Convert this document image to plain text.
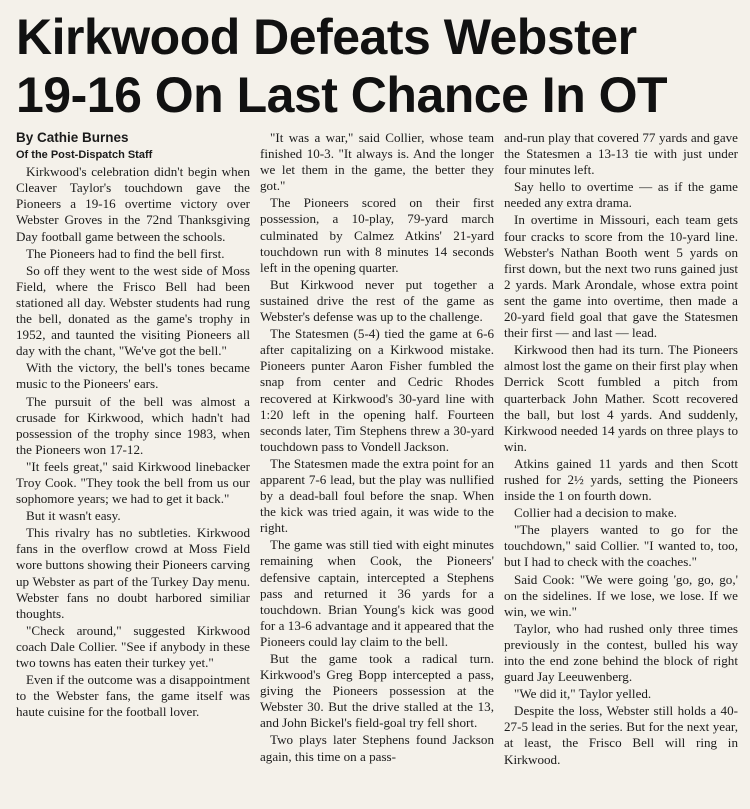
Kirkwood Defeats Webster
19-16 On Last Chance In OT
By Cathie Burnes
Of the Post-Dispatch Staff

Kirkwood's celebration didn't begin when Cleaver Taylor's touchdown gave the Pioneers a 19-16 overtime victory over Webster Groves in the 72nd Thanksgiving Day football game between the schools.

The Pioneers had to find the bell first.

So off they went to the west side of Moss Field, where the Frisco Bell had been stationed all day. Webster students had rung the bell, donated as the game's trophy in 1952, and taunted the visiting Pioneers all day with the chant, "We've got the bell."

With the victory, the bell's tones became music to the Pioneers' ears.

The pursuit of the bell was almost a crusade for Kirkwood, which hadn't had possession of the trophy since 1983, when the Pioneers won 17-12.

"It feels great," said Kirkwood linebacker Troy Cook. "They took the bell from us our sophomore years; we had to get it back."

But it wasn't easy.

This rivalry has no subtleties. Kirkwood fans in the overflow crowd at Moss Field wore buttons showing their Pioneers carving up Webster as part of the Turkey Day menu. Webster fans no doubt harbored similiar thoughts.

"Check around," suggested Kirkwood coach Dale Collier. "See if anybody in these two towns has eaten their turkey yet."

Even if the outcome was a disappointment to the Webster fans, the game itself was haute cuisine for the football lover.

"It was a war," said Collier, whose team finished 10-3. "It always is. And the longer we let them in the game, the better they got."

The Pioneers scored on their first possession, a 10-play, 79-yard march culminated by Calmez Atkins' 21-yard touchdown run with 8 minutes 14 seconds left in the opening quarter.

But Kirkwood never put together a sustained drive the rest of the game as Webster's defense was up to the challenge.

The Statesmen (5-4) tied the game at 6-6 after capitalizing on a Kirkwood mistake. Pioneers punter Aaron Fisher fumbled the snap from center and Cedric Rhodes recovered at Kirkwood's 30-yard line with 1:20 left in the opening half. Fourteen seconds later, Tim Stephens threw a 30-yard touchdown pass to Vondell Jackson.

The Statesmen made the extra point for an apparent 7-6 lead, but the play was nullified by a dead-ball foul before the snap. When the kick was tried again, it was wide to the right.

The game was still tied with eight minutes remaining when Cook, the Pioneers' defensive captain, intercepted a Stephens pass and returned it 36 yards for a touchdown. Brian Young's kick was good for a 13-6 advantage and it appeared that the Pioneers could lay claim to the bell.

But the game took a radical turn. Kirkwood's Greg Bopp intercepted a pass, giving the Pioneers possession at the Webster 30. But the drive stalled at the 13, and John Bickel's field-goal try fell short.

Two plays later Stephens found Jackson again, this time on a pass-

and-run play that covered 77 yards and gave the Statesmen a 13-13 tie with just under four minutes left.

Say hello to overtime — as if the game needed any extra drama.

In overtime in Missouri, each team gets four cracks to score from the 10-yard line. Webster's Nathan Booth went 5 yards on first down, but the next two runs gained just 2 yards. Mark Arondale, whose extra point sent the game into overtime, then made a 20-yard field goal that gave the Statesmen their first — and last — lead.

Kirkwood then had its turn. The Pioneers almost lost the game on their first play when Derrick Scott fumbled a pitch from quarterback John Mather. Scott recovered the ball, but lost 4 yards. And suddenly, Kirkwood needed 14 yards on three plays to win.

Atkins gained 11 yards and then Scott rushed for 2½ yards, setting the Pioneers inside the 1 on fourth down.

Collier had a decision to make.

"The players wanted to go for the touchdown," said Collier. "I wanted to, too, but I had to check with the coaches."

Said Cook: "We were going 'go, go, go,' on the sidelines. If we lose, we lose. If we win, we win."

Taylor, who had rushed only three times previously in the contest, bulled his way into the end zone behind the block of right guard Jay Leeuwenberg.

"We did it," Taylor yelled.

Despite the loss, Webster still holds a 40-27-5 lead in the series. But for the next year, at least, the Frisco Bell will ring in Kirkwood.
